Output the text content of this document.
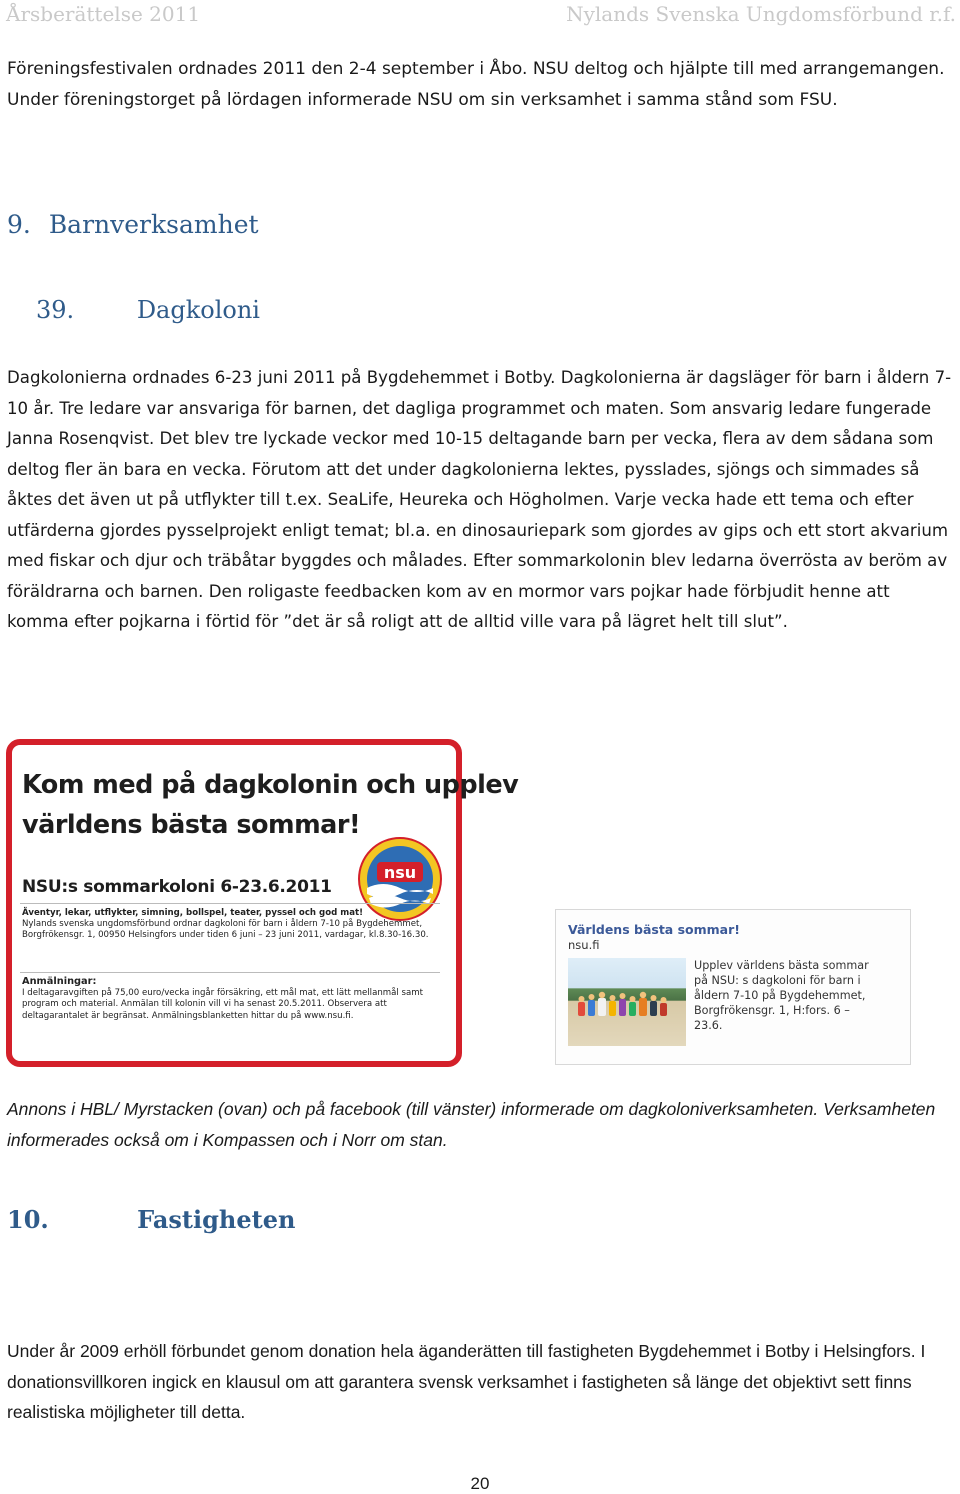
Årsberättelse 2011	Nylands Svenska Ungdomsförbund r.f.

Föreningsfestivalen ordnades 2011 den 2-4 september i Åbo. NSU deltog och hjälpte till med arrangemangen. Under föreningstorget på lördagen informerade NSU om sin verksamhet i samma stånd som FSU.

9. Barnverksamhet
39.	Dagkoloni

Dagkolonierna ordnades 6-23 juni 2011 på Bygdehemmet i Botby. Dagkolonierna är dagsläger för barn i åldern 7-10 år. Tre ledare var ansvariga för barnen, det dagliga programmet och maten. Som ansvarig ledare fungerade Janna Rosenqvist. Det blev tre lyckade veckor med 10-15 deltagande barn per vecka, flera av dem sådana som deltog fler än bara en vecka. Förutom att det under dagkolonierna lektes, pysslades, sjöngs och simmades så åktes det även ut på utflykter till t.ex. SeaLife, Heureka och Högholmen. Varje vecka hade ett tema och efter utfärderna gjordes pysselprojekt enligt temat; bl.a. en dinosauriepark som gjordes av gips och ett stort akvarium med fiskar och djur och träbåtar byggdes och målades. Efter sommarkolonin blev ledarna överrösta av beröm av föräldrarna och barnen. Den roligaste feedbacken kom av en mormor vars pojkar hade förbjudit henne att komma efter pojkarna i förtid för ”det är så roligt att de alltid ville vara på lägret helt till slut”.

Kom med på dagkolonin och upplev
världens bästa sommar!
nsu
NSU:s sommarkoloni 6-23.6.2011
Äventyr, lekar, utflykter, simning, bollspel, teater, pyssel och god mat!
Nylands svenska ungdomsförbund ordnar dagkoloni för barn i åldern 7-10 på Bygdehemmet, Borgfrökensgr. 1, 00950 Helsingfors under tiden 6 juni – 23 juni 2011, vardagar, kl.8.30-16.30.
Anmälningar:
I deltagaravgiften på 75,00 euro/vecka ingår försäkring, ett mål mat, ett lätt mellanmål samt program och material. Anmälan till kolonin vill vi ha senast 20.5.2011. Observera att deltagarantalet är begränsat. Anmälningsblanketten hittar du på www.nsu.fi.
Världens bästa sommar!
nsu.fi
Upplev världens bästa sommar på NSU: s dagkoloni för barn i åldern 7-10 på Bygdehemmet, Borgfrökensgr. 1, H:fors. 6 – 23.6.

Annons i HBL/ Myrstacken (ovan) och på facebook (till vänster) informerade om dagkoloniverksamheten. Verksamheten informerades också om i Kompassen och i Norr om stan.

10.	Fastigheten

Under år 2009 erhöll förbundet genom donation hela äganderätten till fastigheten Bygdehemmet i Botby i Helsingfors. I donationsvillkoren ingick en klausul om att garantera svensk verksamhet i fastigheten så länge det objektivt sett finns realistiska möjligheter till detta.

20
